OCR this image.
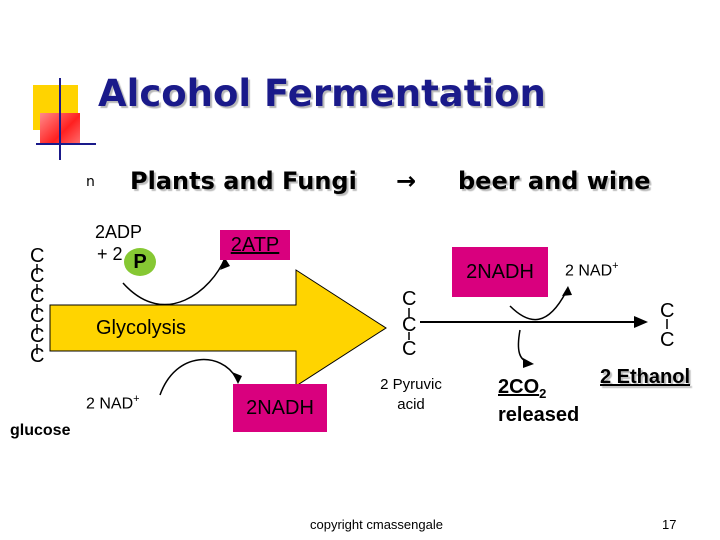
Alcohol Fermentation
n Plants and Fungi → beer and wine
C
C
C
C
C
C
glucose
2ADP
+ 2 P
2ATP
Glycolysis
2 NAD+	2NADH
C
C
C
2 Pyruvic
acid
2NADH 2 NAD+
$2CO_2$
released
C
C
2 Ethanol
copyright cmassengale	17
